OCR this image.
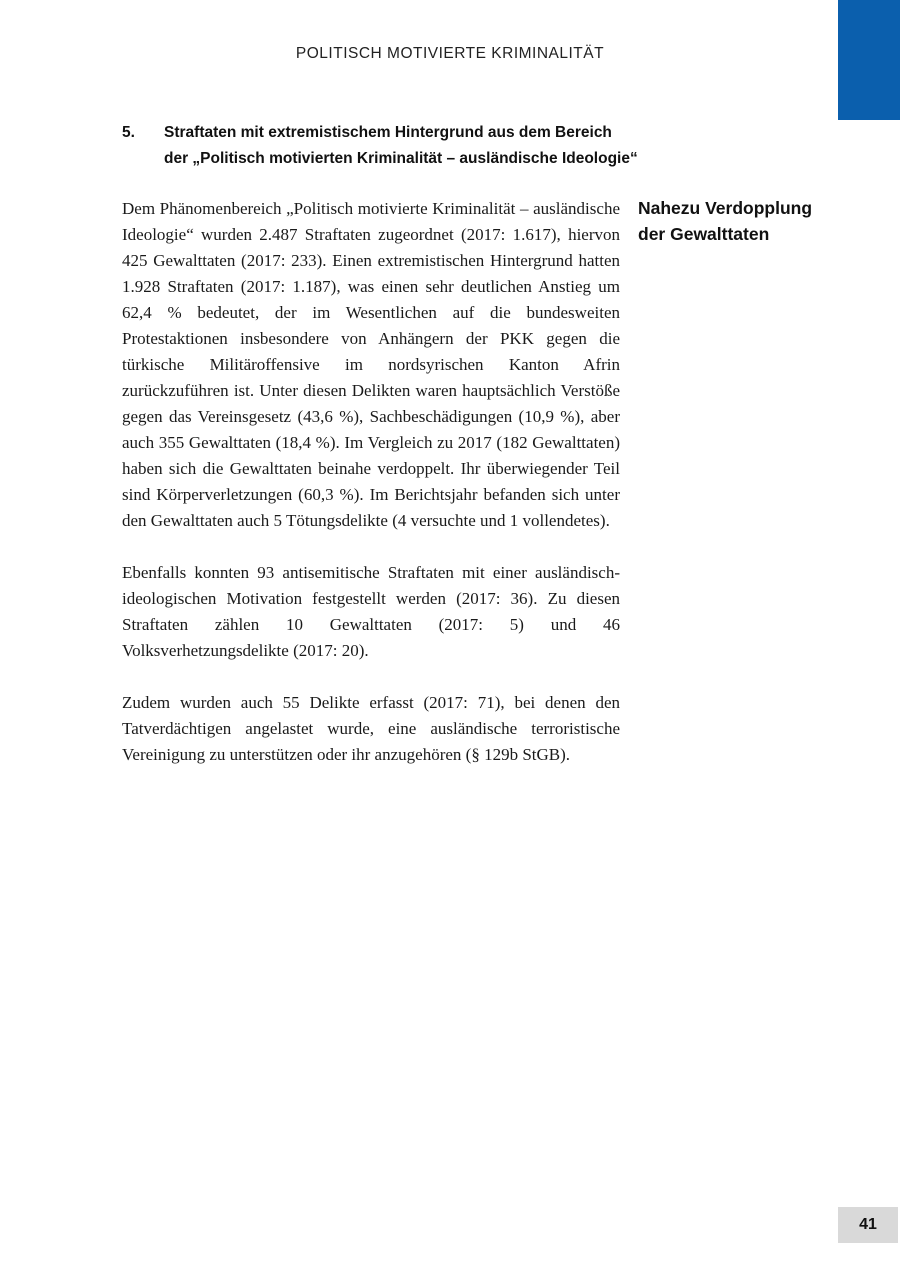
POLITISCH MOTIVIERTE KRIMINALITÄT
5. Straftaten mit extremistischem Hintergrund aus dem Bereich
der „Politisch motivierten Kriminalität – ausländische Ideologie“

Dem Phänomenbereich „Politisch motivierte Kriminalität – ausländische Ideologie“ wurden 2.487 Straftaten zugeordnet (2017: 1.617), hiervon 425 Gewalttaten (2017: 233). Einen extremistischen Hintergrund hatten 1.928 Straftaten (2017: 1.187), was einen sehr deutlichen Anstieg um 62,4 % bedeutet, der im Wesentlichen auf die bundesweiten Protestaktionen insbesondere von Anhängern der PKK gegen die türkische Militäroffensive im nordsyrischen Kanton Afrin zurückzuführen ist. Unter diesen Delikten waren hauptsächlich Verstöße gegen das Vereinsgesetz (43,6 %), Sachbeschädigungen (10,9 %), aber auch 355 Gewalttaten (18,4 %). Im Vergleich zu 2017 (182 Gewalttaten) haben sich die Gewalttaten beinahe verdoppelt. Ihr überwiegender Teil sind Körperverletzungen (60,3 %). Im Berichtsjahr befanden sich unter den Gewalttaten auch 5 Tötungsdelikte (4 versuchte und 1 vollendetes).

Ebenfalls konnten 93 antisemitische Straftaten mit einer ausländisch-ideologischen Motivation festgestellt werden (2017: 36). Zu diesen Straftaten zählen 10 Gewalttaten (2017: 5) und 46 Volksverhetzungsdelikte (2017: 20).

Zudem wurden auch 55 Delikte erfasst (2017: 71), bei denen den Tatverdächtigen angelastet wurde, eine ausländische terroristische Vereinigung zu unterstützen oder ihr anzugehören (§ 129b StGB).

Nahezu Verdopplung
der Gewalttaten
41
